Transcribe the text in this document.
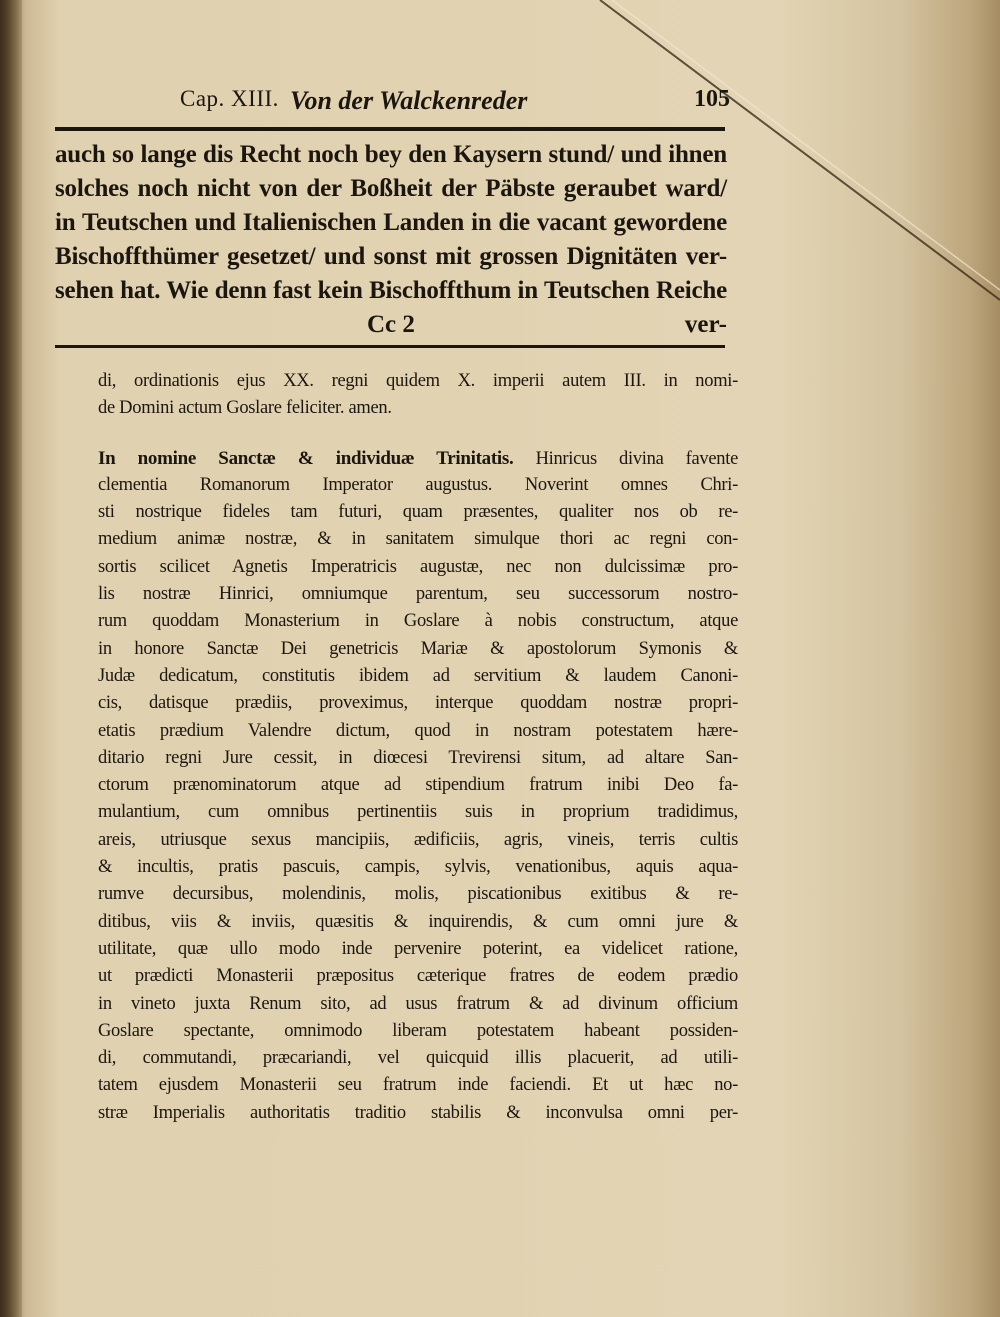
Cap. XIII. Von der Walckenreder	105
auch so lange dis Recht noch bey den Kaysern stund/ und ihnen
solches noch nicht von der Boßheit der Päbste geraubet ward/
in Teutschen und Italienischen Landen in die vacant gewordene
Bischoffthümer gesetzet/ und sonst mit grossen Dignitäten ver-
sehen hat. Wie denn fast kein Bischoffthum in Teutschen Reiche
Cc 2	ver-
di, ordinationis ejus XX. regni quidem X. imperii autem III. in nomi-
de Domini actum Goslare feliciter. amen.
In nomine Sanctæ & individuæ Trinitatis. Hinricus divina favente
clementia Romanorum Imperator augustus. Noverint omnes Chri-
sti nostrique fideles tam futuri, quam præsentes, qualiter nos ob re-
medium animæ nostræ, & in sanitatem simulque thori ac regni con-
sortis scilicet Agnetis Imperatricis augustæ, nec non dulcissimæ pro-
lis nostræ Hinrici, omniumque parentum, seu successorum nostro-
rum quoddam Monasterium in Goslare à nobis constructum, atque
in honore Sanctæ Dei genetricis Mariæ & apostolorum Symonis &
Judæ dedicatum, constitutis ibidem ad servitium & laudem Canoni-
cis, datisque prædiis, proveximus, interque quoddam nostræ propri-
etatis prædium Valendre dictum, quod in nostram potestatem hære-
ditario regni Jure cessit, in diœcesi Trevirensi situm, ad altare San-
ctorum prænominatorum atque ad stipendium fratrum inibi Deo fa-
mulantium, cum omnibus pertinentiis suis in proprium tradidimus,
areis, utriusque sexus mancipiis, ædificiis, agris, vineis, terris cultis
& incultis, pratis pascuis, campis, sylvis, venationibus, aquis aqua-
rumve decursibus, molendinis, molis, piscationibus exitibus & re-
ditibus, viis & inviis, quæsitis & inquirendis, & cum omni jure &
utilitate, quæ ullo modo inde pervenire poterint, ea videlicet ratione,
ut prædicti Monasterii præpositus cæterique fratres de eodem prædio
in vineto juxta Renum sito, ad usus fratrum & ad divinum officium
Goslare spectante, omnimodo liberam potestatem habeant possiden-
di, commutandi, præcariandi, vel quicquid illis placuerit, ad utili-
tatem ejusdem Monasterii seu fratrum inde faciendi. Et ut hæc no-
stræ Imperialis authoritatis traditio stabilis & inconvulsa omni per-
